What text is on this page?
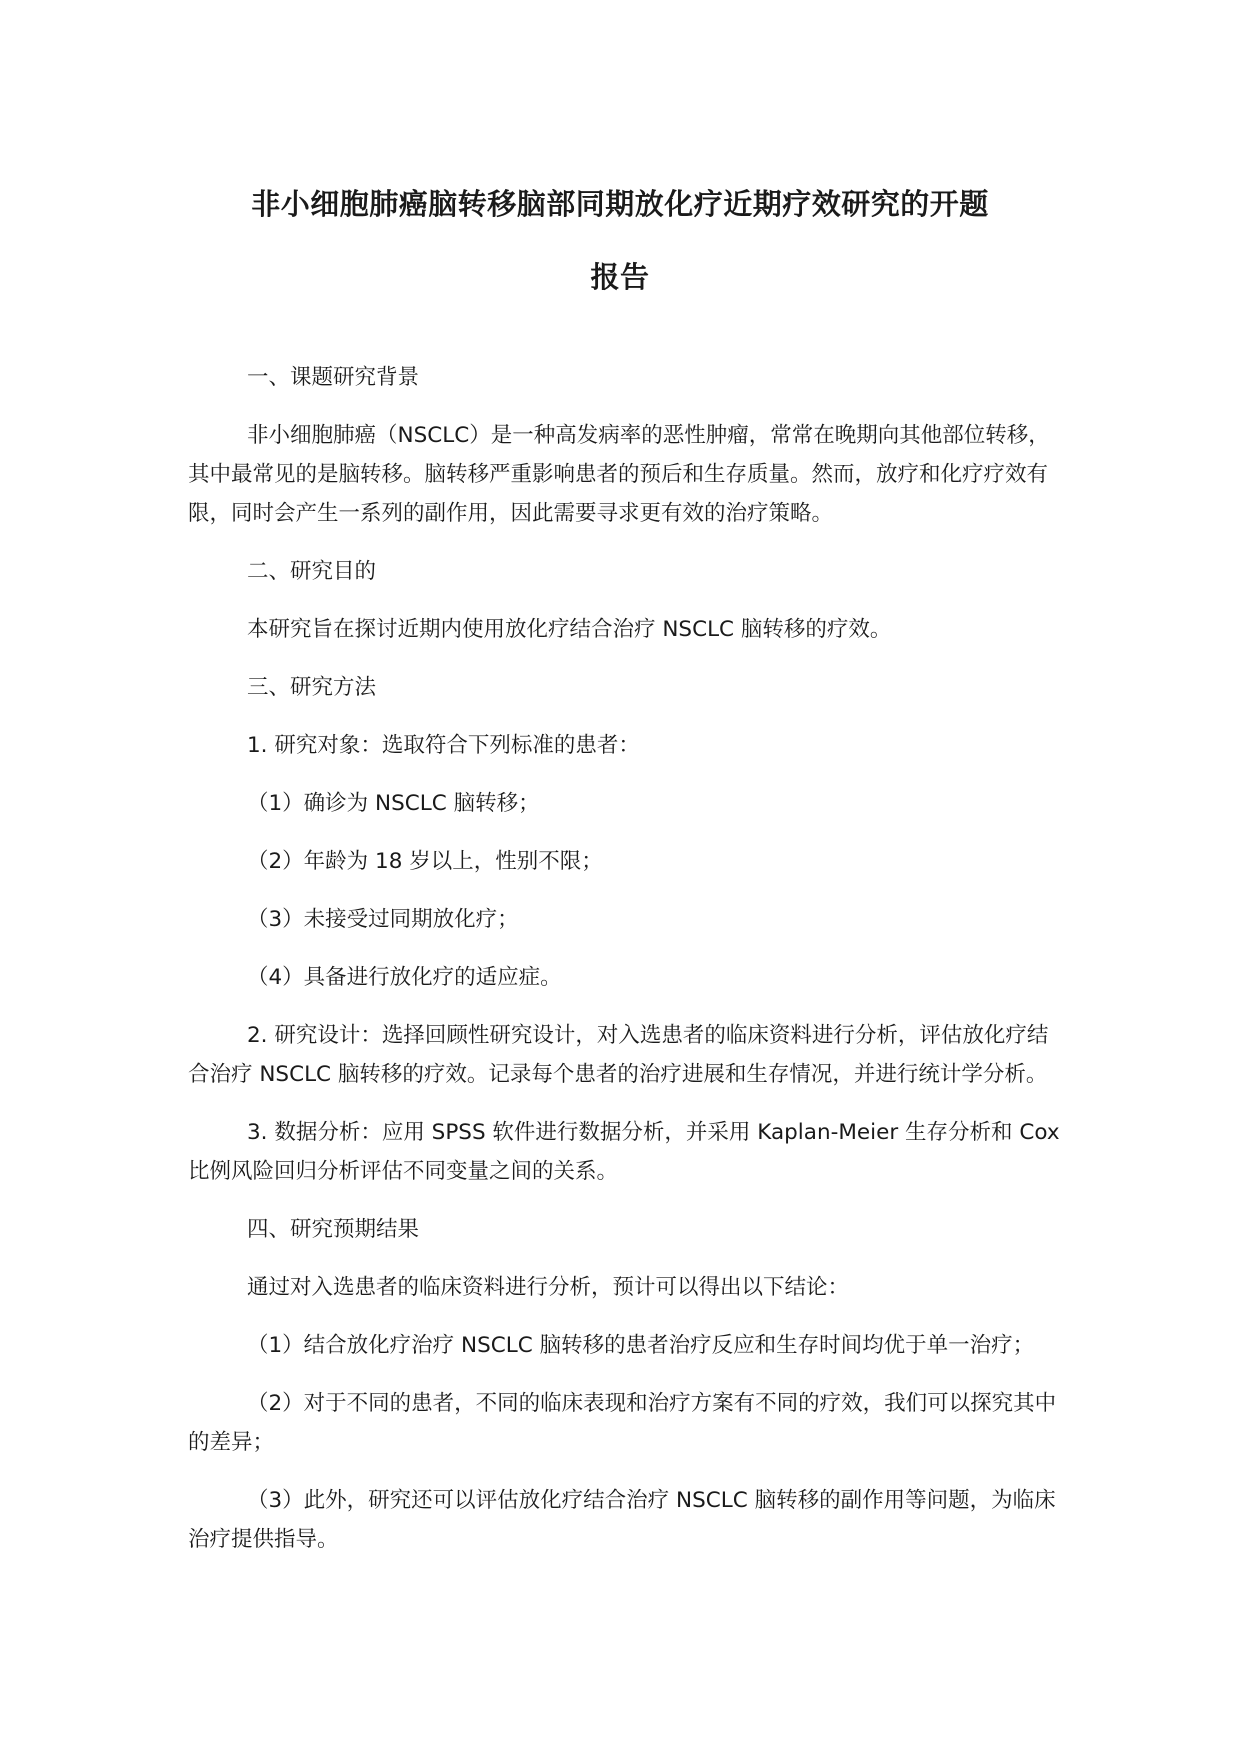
非小细胞肺癌脑转移脑部同期放化疗近期疗效研究的开题
报告

一、课题研究背景

非小细胞肺癌（NSCLC）是一种高发病率的恶性肿瘤，常常在晚期向其他部位转移，其中最常见的是脑转移。脑转移严重影响患者的预后和生存质量。然而，放疗和化疗疗效有限，同时会产生一系列的副作用，因此需要寻求更有效的治疗策略。

二、研究目的

本研究旨在探讨近期内使用放化疗结合治疗 NSCLC 脑转移的疗效。

三、研究方法

1. 研究对象：选取符合下列标准的患者：

（1）确诊为 NSCLC 脑转移；

（2）年龄为 18 岁以上，性别不限；

（3）未接受过同期放化疗；

（4）具备进行放化疗的适应症。

2. 研究设计：选择回顾性研究设计，对入选患者的临床资料进行分析，评估放化疗结合治疗 NSCLC 脑转移的疗效。记录每个患者的治疗进展和生存情况，并进行统计学分析。

3. 数据分析：应用 SPSS 软件进行数据分析，并采用 Kaplan-Meier 生存分析和 Cox 比例风险回归分析评估不同变量之间的关系。

四、研究预期结果

通过对入选患者的临床资料进行分析，预计可以得出以下结论：

（1）结合放化疗治疗 NSCLC 脑转移的患者治疗反应和生存时间均优于单一治疗；

（2）对于不同的患者，不同的临床表现和治疗方案有不同的疗效，我们可以探究其中的差异；

（3）此外，研究还可以评估放化疗结合治疗 NSCLC 脑转移的副作用等问题，为临床治疗提供指导。
